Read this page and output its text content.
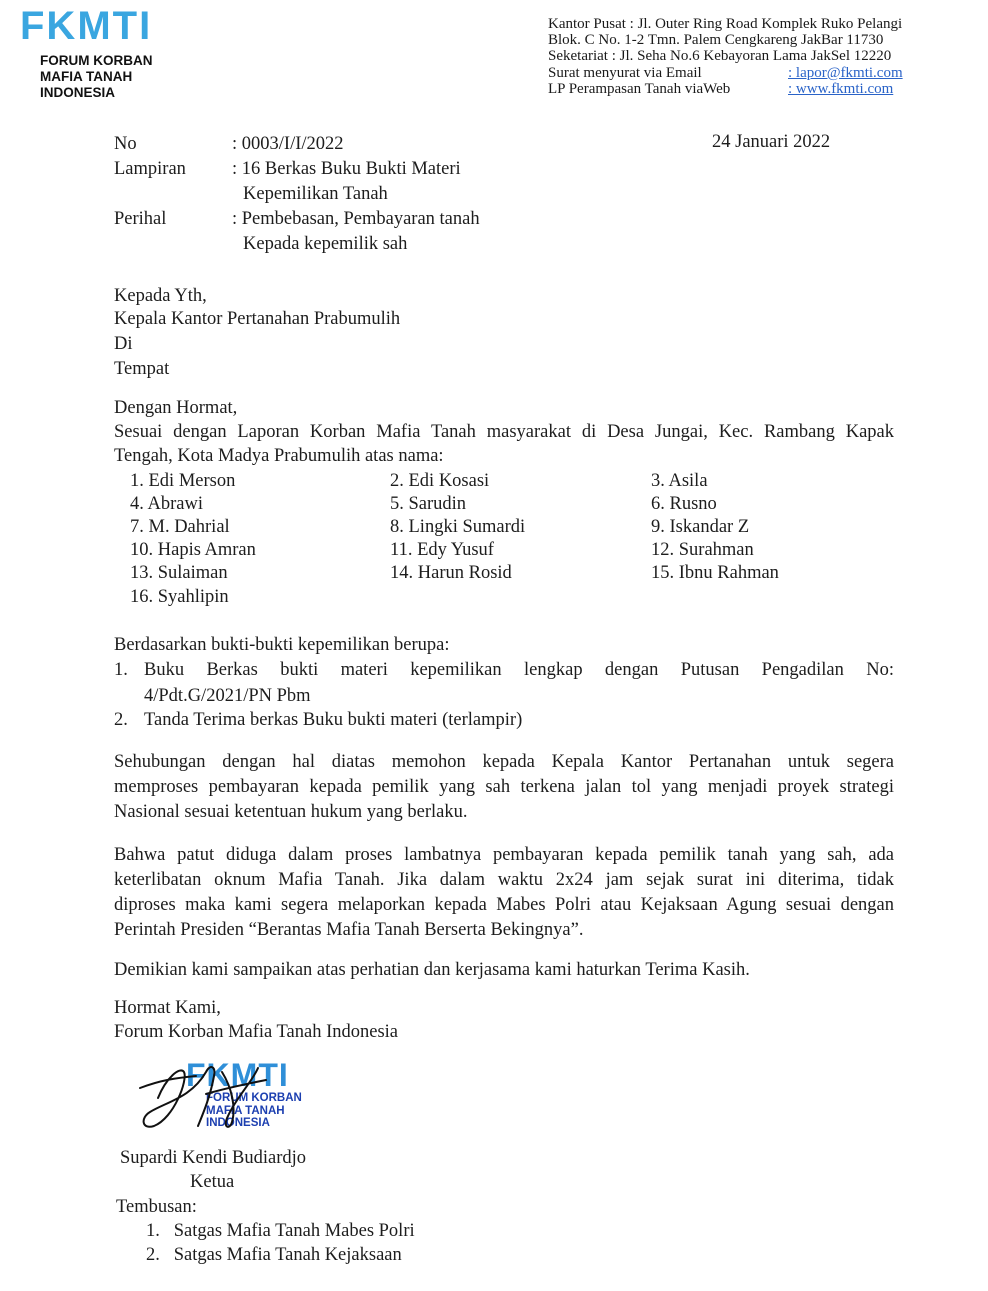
FKMTI
FORUM KORBAN
MAFIA TANAH
INDONESIA
Kantor Pusat : Jl. Outer Ring Road Komplek Ruko Pelangi
Blok. C No. 1-2 Tmn. Palem Cengkareng JakBar 11730
Seketariat : Jl. Seha No.6 Kebayoran Lama JakSel 12220
Surat menyurat via Email	: lapor@fkmti.com
LP Perampasan Tanah viaWeb	: www.fkmti.com
No	: 0003/I/I/2022	24 Januari 2022
Lampiran : 16 Berkas Buku Bukti Materi
Kepemilikan Tanah
Perihal	: Pembebasan, Pembayaran tanah
Kepada kepemilik sah
Kepada Yth,
Kepala Kantor Pertanahan Prabumulih
Di
Tempat
Dengan Hormat,
Sesuai dengan Laporan Korban Mafia Tanah masyarakat di Desa Jungai, Kec. Rambang Kapak
Tengah, Kota Madya Prabumulih atas nama:
1. Edi Merson	2. Edi Kosasi	3. Asila
4. Abrawi	5. Sarudin	6. Rusno
7. M. Dahrial	8. Lingki Sumardi	9. Iskandar Z
10. Hapis Amran	11. Edy Yusuf	12. Surahman
13. Sulaiman	14. Harun Rosid	15. Ibnu Rahman
16. Syahlipin
Berdasarkan bukti-bukti kepemilikan berupa:
1. Buku Berkas bukti materi kepemilikan lengkap dengan Putusan Pengadilan No:
4/Pdt.G/2021/PN Pbm
2. Tanda Terima berkas Buku bukti materi (terlampir)
Sehubungan dengan hal diatas memohon kepada Kepala Kantor Pertanahan untuk segera
memproses pembayaran kepada pemilik yang sah terkena jalan tol yang menjadi proyek strategi
Nasional sesuai ketentuan hukum yang berlaku.
Bahwa patut diduga dalam proses lambatnya pembayaran kepada pemilik tanah yang sah, ada
keterlibatan oknum Mafia Tanah. Jika dalam waktu 2x24 jam sejak surat ini diterima, tidak
diproses maka kami segera melaporkan kepada Mabes Polri atau Kejaksaan Agung sesuai dengan
Perintah Presiden “Berantas Mafia Tanah Berserta Bekingnya”.
Demikian kami sampaikan atas perhatian dan kerjasama kami haturkan Terima Kasih.
Hormat Kami,
Forum Korban Mafia Tanah Indonesia
FKMTI
FORUM KORBAN
MAFIA TANAH
INDONESIA
Supardi Kendi Budiardjo
Ketua
Tembusan:
1.   Satgas Mafia Tanah Mabes Polri
2.   Satgas Mafia Tanah Kejaksaan
